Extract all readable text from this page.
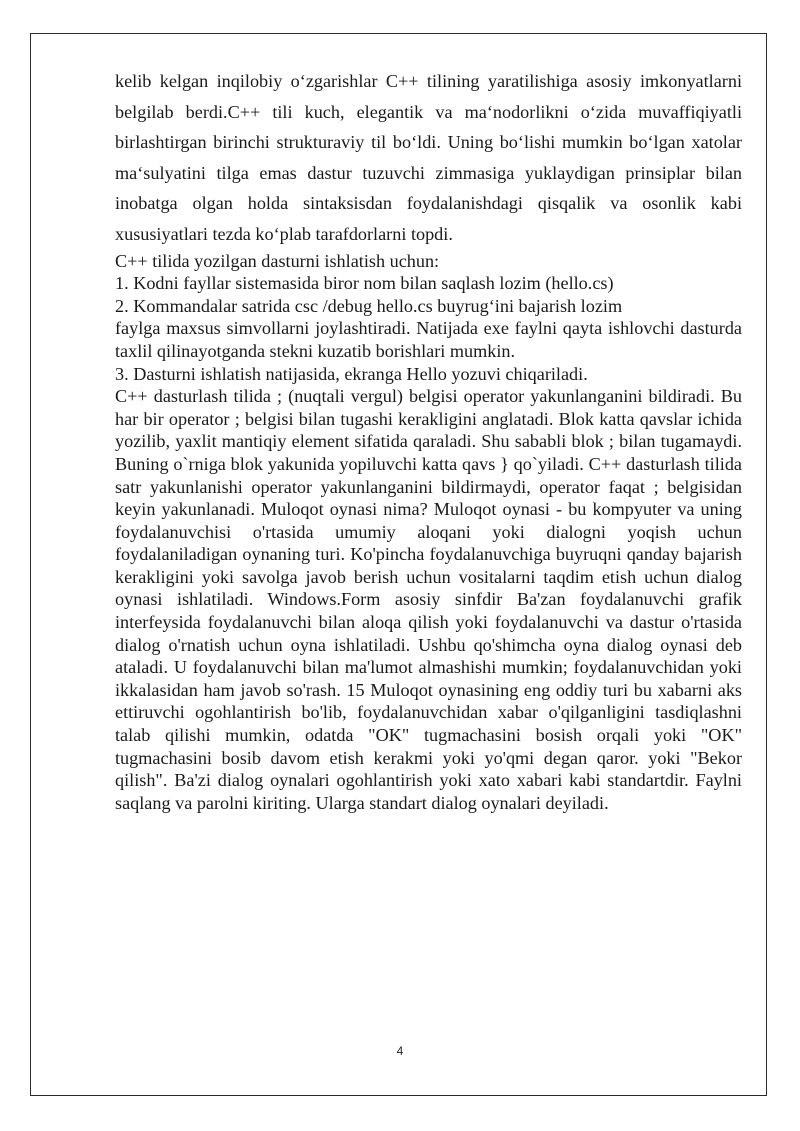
kelib kelgan inqilobiy o‘zgarishlar C++ tilining yaratilishiga asosiy imkonyatlarni belgilab berdi.C++ tili kuch, elegantik va ma‘nodorlikni o‘zida muvaffiqiyatli birlashtirgan birinchi strukturaviy til bo‘ldi. Uning bo‘lishi mumkin bo‘lgan xatolar ma‘sulyatini tilga emas dastur tuzuvchi zimmasiga yuklaydigan prinsiplar bilan inobatga olgan holda sintaksisdan foydalanishdagi qisqalik va osonlik kabi xususiyatlari tezda ko‘plab tarafdorlarni topdi.

C++ tilida yozilgan dasturni ishlatish uchun:

1. Kodni fayllar sistemasida biror nom bilan saqlash lozim (hello.cs)

2. Kommandalar satrida csc /debug hello.cs buyrug‘ini bajarish lozim

faylga maxsus simvollarni joylashtiradi. Natijada exe faylni qayta ishlovchi dasturda taxlil qilinayotganda stekni kuzatib borishlari mumkin.

3. Dasturni ishlatish natijasida, ekranga Hello yozuvi chiqariladi.

C++ dasturlash tilida ; (nuqtali vergul) belgisi operator yakunlanganini bildiradi. Bu har bir operator ; belgisi bilan tugashi kerakligini anglatadi. Blok katta qavslar ichida yozilib, yaxlit mantiqiy element sifatida qaraladi. Shu sababli blok ; bilan tugamaydi. Buning o`rniga blok yakunida yopiluvchi katta qavs } qo`yiladi. C++ dasturlash tilida satr yakunlanishi operator yakunlanganini bildirmaydi, operator faqat ; belgisidan keyin yakunlanadi. Muloqot oynasi nima? Muloqot oynasi - bu kompyuter va uning foydalanuvchisi o'rtasida umumiy aloqani yoki dialogni yoqish uchun foydalaniladigan oynaning turi. Ko'pincha foydalanuvchiga buyruqni qanday bajarish kerakligini yoki savolga javob berish uchun vositalarni taqdim etish uchun dialog oynasi ishlatiladi. Windows.Form asosiy sinfdir Ba'zan foydalanuvchi grafik interfeysida foydalanuvchi bilan aloqa qilish yoki foydalanuvchi va dastur o'rtasida dialog o'rnatish uchun oyna ishlatiladi. Ushbu qo'shimcha oyna dialog oynasi deb ataladi. U foydalanuvchi bilan ma'lumot almashishi mumkin; foydalanuvchidan yoki ikkalasidan ham javob so'rash. 15 Muloqot oynasining eng oddiy turi bu xabarni aks ettiruvchi ogohlantirish bo'lib, foydalanuvchidan xabar o'qilganligini tasdiqlashni talab qilishi mumkin, odatda "OK" tugmachasini bosish orqali yoki "OK" tugmachasini bosib davom etish kerakmi yoki yo'qmi degan qaror. yoki "Bekor qilish". Ba'zi dialog oynalari ogohlantirish yoki xato xabari kabi standartdir. Faylni saqlang va parolni kiriting. Ularga standart dialog oynalari deyiladi.

4
